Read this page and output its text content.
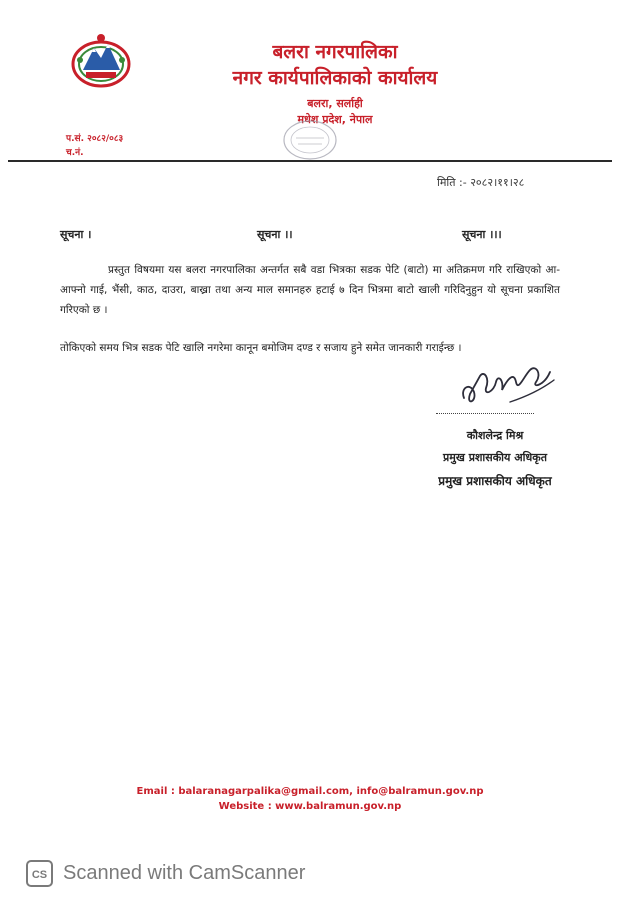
बलरा नगरपालिका
नगर कार्यपालिकाको कार्यालय
बलरा, सर्लाही
मधेश प्रदेश, नेपाल
प.सं. २०८२/०८३
च.नं.
मिति :- २०८२।११।२८
सूचना ।	सूचना ।।	सूचना ।।।
प्रस्तुत विषयमा यस बलरा नगरपालिका अन्तर्गत सबै वडा भित्रका सडक पेटि (बाटो) मा अतिक्रमण गरि राखिएको आ-आफ्नो गाई, भैंसी, काठ, दाउरा, बाख्रा तथा अन्य माल समानहरु हटाई ७ दिन भित्रमा बाटो खाली गरिदिनुहुन यो सूचना प्रकाशित गरिएको छ ।
तोकिएको समय भित्र सडक पेटि खालि नगरेमा कानून बमोजिम दण्ड र सजाय हुने समेत जानकारी गराईन्छ ।
कौशलेन्द्र मिश्र
प्रमुख प्रशासकीय अधिकृत
प्रमुख प्रशासकीय अधिकृत
Email : balaranagarpalika@gmail.com, info@balramun.gov.np
Website : www.balramun.gov.np
CS Scanned with CamScanner
